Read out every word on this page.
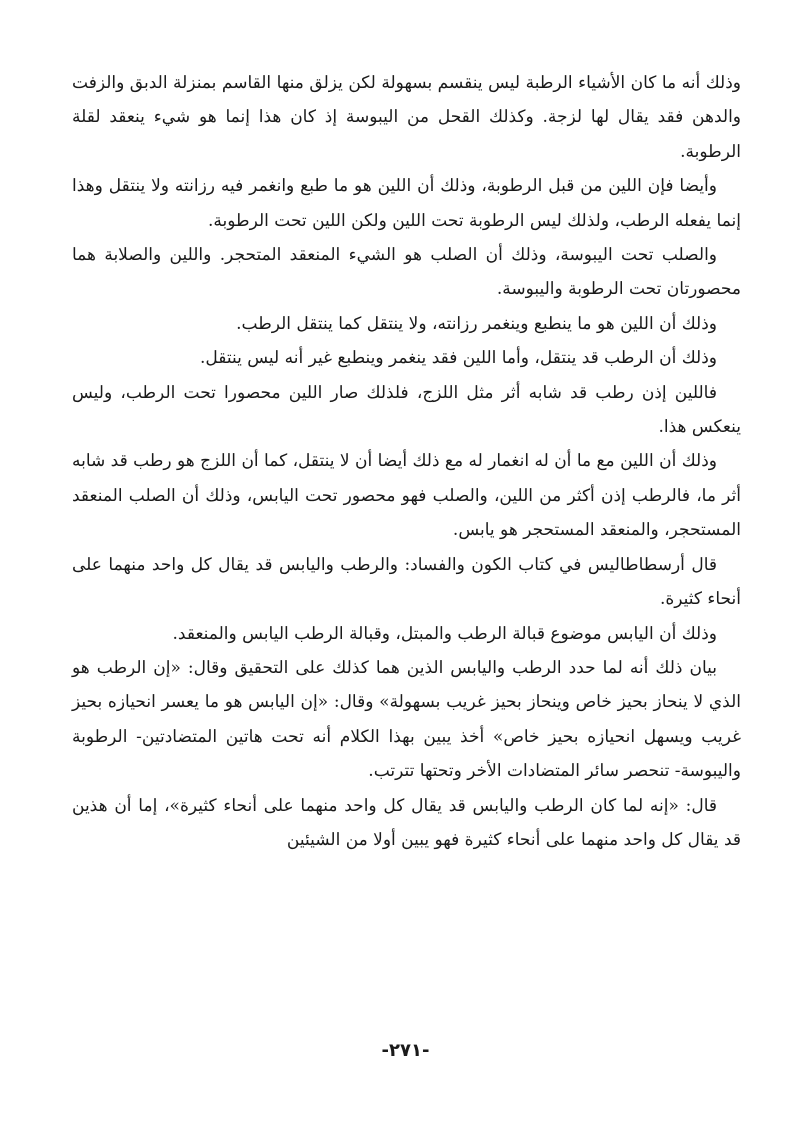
وذلك أنه ما كان الأشياء الرطبة ليس ينقسم بسهولة لكن يزلق منها القاسم بمنزلة الدبق والزفت والدهن فقد يقال لها لزجة. وكذلك القحل من اليبوسة إذ كان هذا إنما هو شيء ينعقد لقلة الرطوبة.

وأيضا فإن اللين من قبل الرطوبة، وذلك أن اللين هو ما طبع وانغمر فيه رزانته ولا ينتقل وهذا إنما يفعله الرطب، ولذلك ليس الرطوبة تحت اللين ولكن اللين تحت الرطوبة.

والصلب تحت اليبوسة، وذلك أن الصلب هو الشيء المنعقد المتحجر. واللين والصلابة هما محصورتان تحت الرطوبة واليبوسة.

وذلك أن اللين هو ما ينطبع وينغمر رزانته، ولا ينتقل كما ينتقل الرطب.

وذلك أن الرطب قد ينتقل، وأما اللين فقد ينغمر وينطبع غير أنه ليس ينتقل.

فاللين إذن رطب قد شابه أثر مثل اللزج، فلذلك صار اللين محصورا تحت الرطب، وليس ينعكس هذا.

وذلك أن اللين مع ما أن له انغمار له مع ذلك أيضا أن لا ينتقل، كما أن اللزج هو رطب قد شابه أثر ما، فالرطب إذن أكثر من اللين، والصلب فهو محصور تحت اليابس، وذلك أن الصلب المنعقد المستحجر، والمنعقد المستحجر هو يابس.

قال أرسطاطاليس في كتاب الكون والفساد: والرطب واليابس قد يقال كل واحد منهما على أنحاء كثيرة.

وذلك أن اليابس موضوع قبالة الرطب والمبتل، وقبالة الرطب اليابس والمنعقد.

بيان ذلك أنه لما حدد الرطب واليابس الذين هما كذلك على التحقيق وقال: «إن الرطب هو الذي لا ينحاز بحيز خاص وينحاز بحيز غريب بسهولة» وقال: «إن اليابس هو ما يعسر انحيازه بحيز غريب ويسهل انحيازه بحيز خاص» أخذ يبين بهذا الكلام أنه تحت هاتين المتضادتين- الرطوبة واليبوسة- تنحصر سائر المتضادات الأخر وتحتها تترتب.

قال: «إنه لما كان الرطب واليابس قد يقال كل واحد منهما على أنحاء كثيرة»، إما أن هذين قد يقال كل واحد منهما على أنحاء كثيرة فهو يبين أولا من الشيئين

-٢٧١-
